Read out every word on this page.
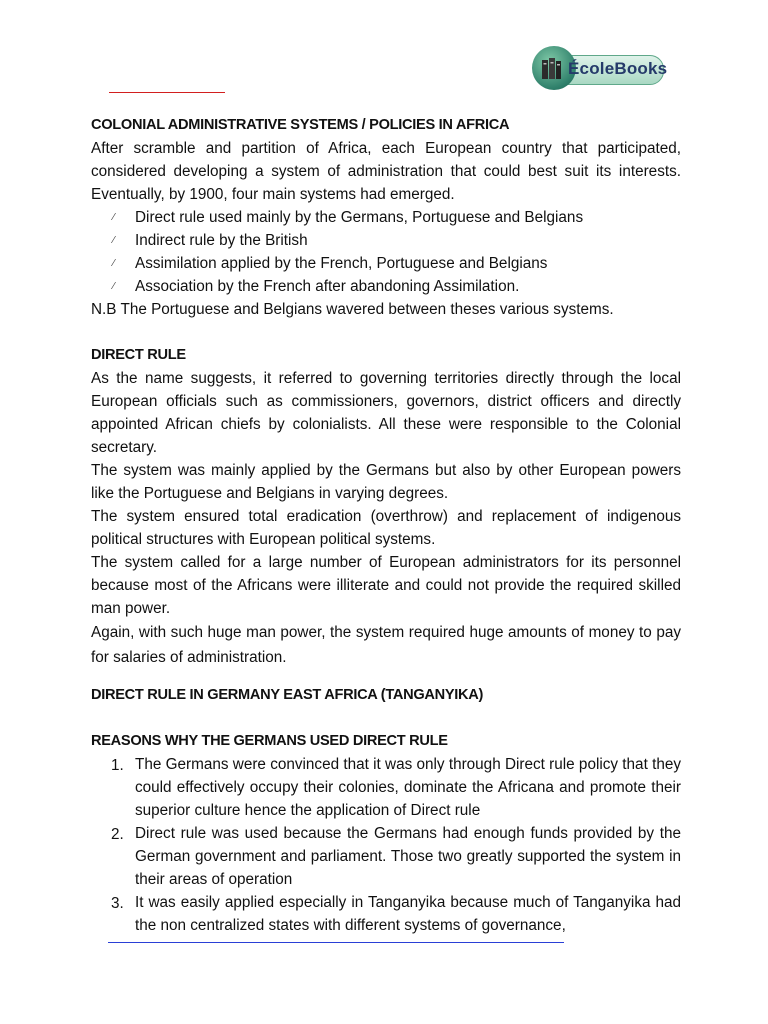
ÉcoleBooks

COLONIAL ADMINISTRATIVE SYSTEMS / POLICIES IN AFRICA

After scramble and partition of Africa, each European country that participated, considered developing a system of administration that could best suit its interests. Eventually, by 1900, four main systems had emerged.

⁄ Direct rule used mainly by the Germans, Portuguese and Belgians
⁄ Indirect rule by the British
⁄ Assimilation applied by the French, Portuguese and Belgians
⁄ Association by the French after abandoning Assimilation.

N.B The Portuguese and Belgians wavered between theses various systems.

DIRECT RULE

As the name suggests, it referred to governing territories directly through the local European officials such as commissioners, governors, district officers and directly appointed African chiefs by colonialists. All these were responsible to the Colonial secretary.

The system was mainly applied by the Germans but also by other European powers like the Portuguese and Belgians in varying degrees.

The system ensured total eradication (overthrow) and replacement of indigenous political structures with European political systems.

The system called for a large number of European administrators for its personnel because most of the Africans were illiterate and could not provide the required skilled man power.

Again, with such huge man power, the system required huge amounts of money to pay for salaries of administration.

DIRECT RULE IN GERMANY EAST AFRICA (TANGANYIKA)

REASONS WHY THE GERMANS USED DIRECT RULE

1. The Germans were convinced that it was only through Direct rule policy that they could effectively occupy their colonies, dominate the Africana and promote their superior culture hence the application of Direct rule
2. Direct rule was used because the Germans had enough funds provided by the German government and parliament. Those two greatly supported the system in their areas of operation
3. It was easily applied especially in Tanganyika because much of Tanganyika had the non centralized states with different systems of governance,
